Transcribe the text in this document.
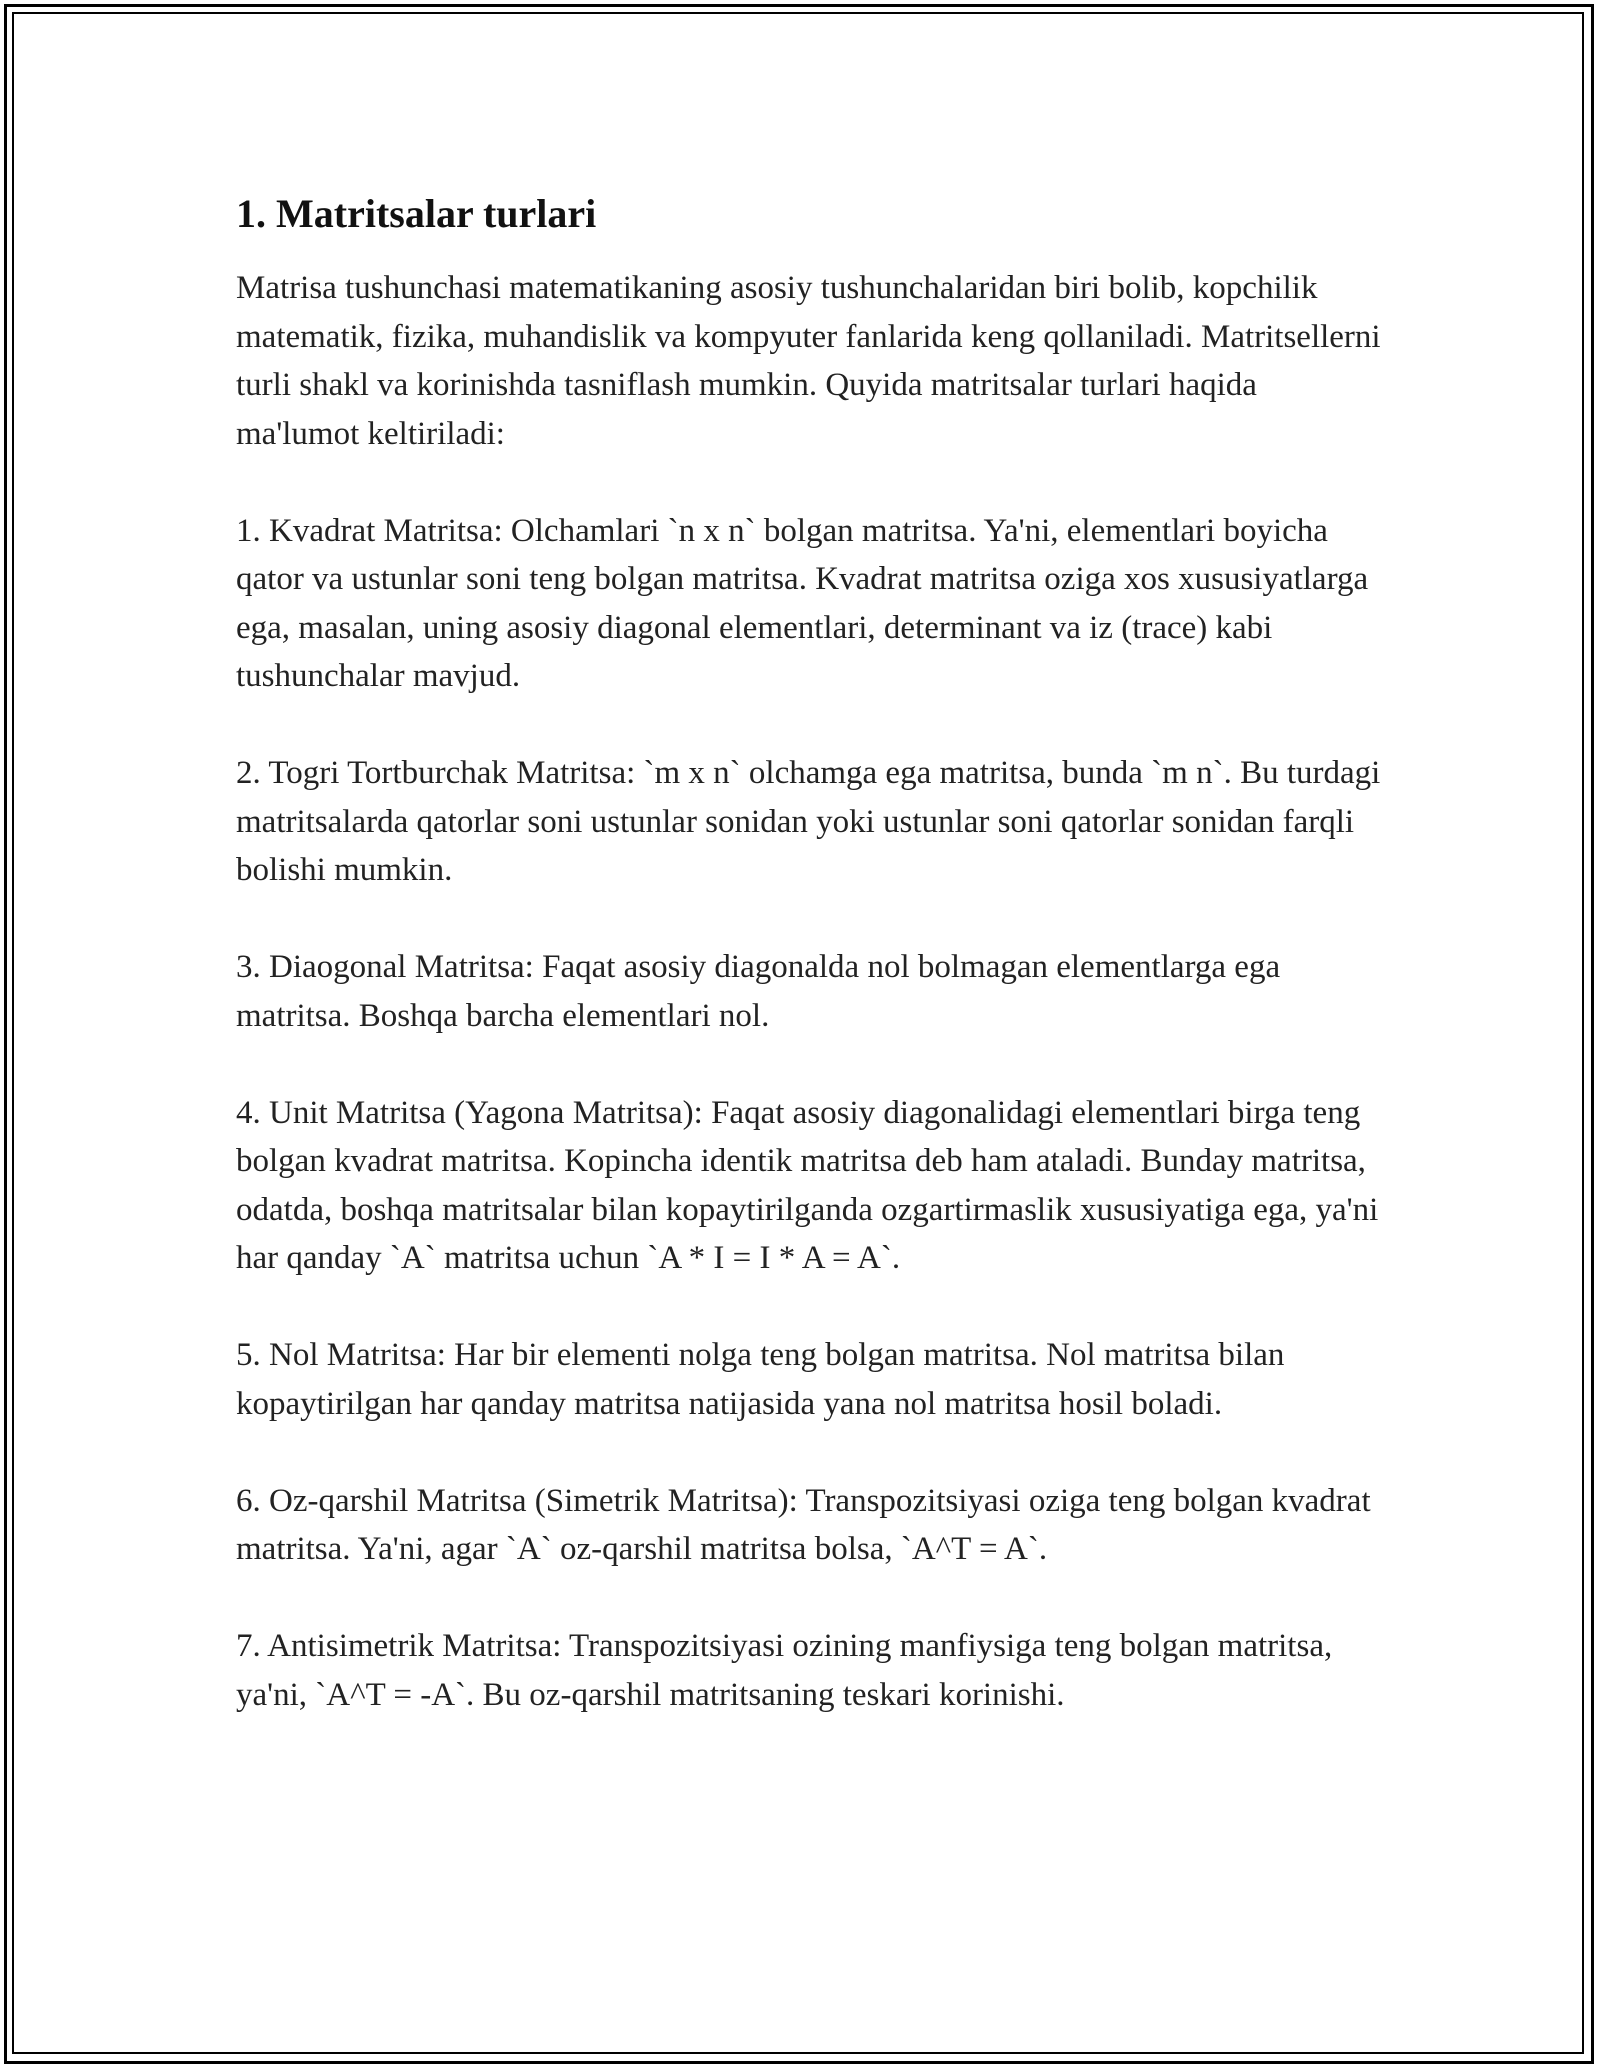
1. Matritsalar turlari

Matrisa tushunchasi matematikaning asosiy tushunchalaridan biri bolib, kopchilik matematik, fizika, muhandislik va kompyuter fanlarida keng qollaniladi. Matritsellerni turli shakl va korinishda tasniflash mumkin. Quyida matritsalar turlari haqida ma'lumot keltiriladi:

1. Kvadrat Matritsa: Olchamlari `n x n` bolgan matritsa. Ya'ni, elementlari boyicha qator va ustunlar soni teng bolgan matritsa. Kvadrat matritsa oziga xos xususiyatlarga ega, masalan, uning asosiy diagonal elementlari, determinant va iz (trace) kabi tushunchalar mavjud.

2. Togri Tortburchak Matritsa: `m x n` olchamga ega matritsa, bunda `m n`. Bu turdagi matritsalarda qatorlar soni ustunlar sonidan yoki ustunlar soni qatorlar sonidan farqli bolishi mumkin.

3. Diaogonal Matritsa: Faqat asosiy diagonalda nol bolmagan elementlarga ega matritsa. Boshqa barcha elementlari nol.

4. Unit Matritsa (Yagona Matritsa): Faqat asosiy diagonalidagi elementlari birga teng bolgan kvadrat matritsa. Kopincha identik matritsa deb ham ataladi. Bunday matritsa, odatda, boshqa matritsalar bilan kopaytirilganda ozgartirmaslik xususiyatiga ega, ya'ni har qanday `A` matritsa uchun `A * I = I * A = A`.

5. Nol Matritsa: Har bir elementi nolga teng bolgan matritsa. Nol matritsa bilan kopaytirilgan har qanday matritsa natijasida yana nol matritsa hosil boladi.

6. Oz-qarshil Matritsa (Simetrik Matritsa): Transpozitsiyasi oziga teng bolgan kvadrat matritsa. Ya'ni, agar `A` oz-qarshil matritsa bolsa, `A^T = A`.

7. Antisimetrik Matritsa: Transpozitsiyasi ozining manfiysiga teng bolgan matritsa, ya'ni, `A^T = -A`. Bu oz-qarshil matritsaning teskari korinishi.
